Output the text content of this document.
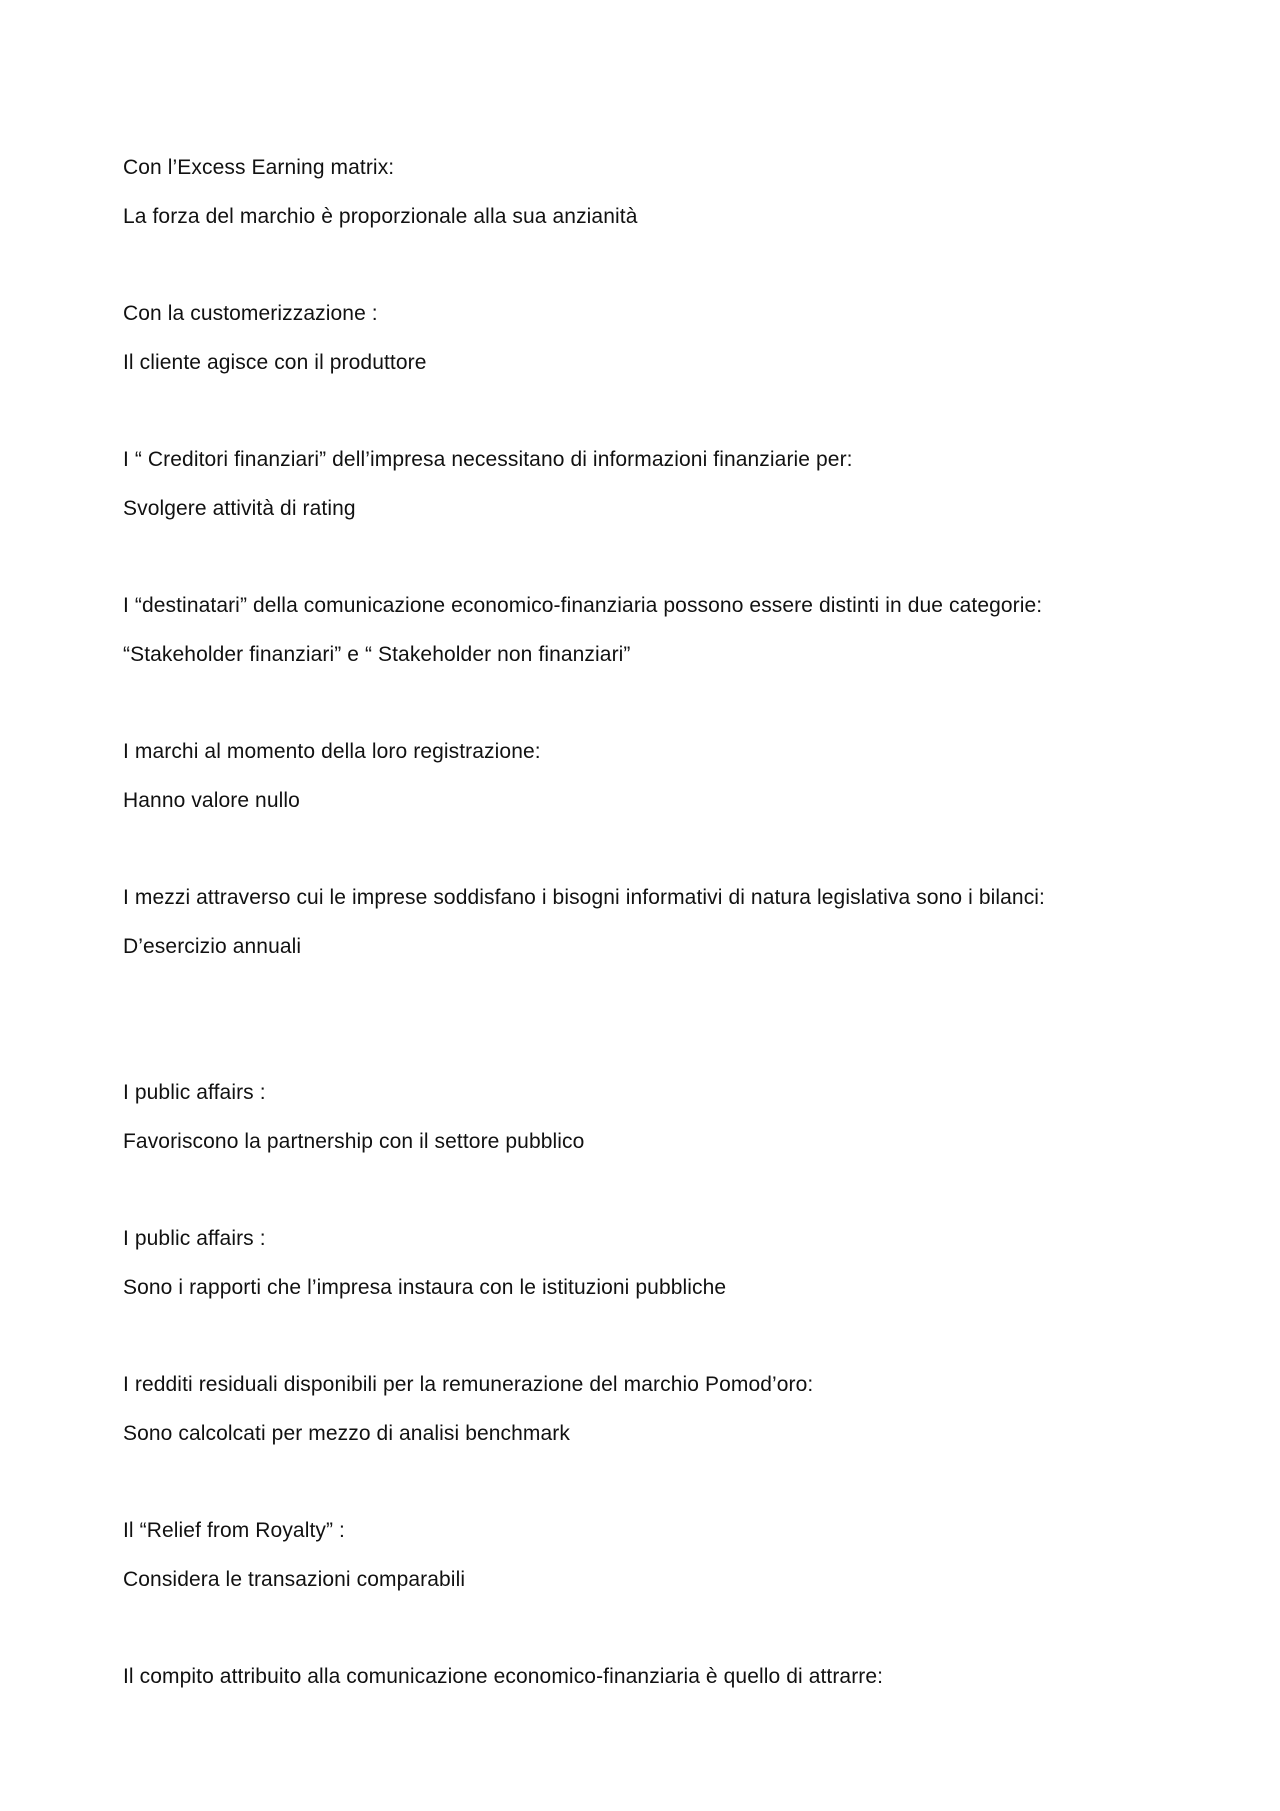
Con l’Excess Earning matrix:
La forza del marchio è proporzionale alla sua anzianità
Con la customerizzazione :
Il cliente agisce con il produttore
I “ Creditori finanziari” dell’impresa necessitano di informazioni finanziarie per:
Svolgere attività di rating
I “destinatari” della comunicazione economico-finanziaria possono essere distinti in due categorie:
“Stakeholder finanziari” e “ Stakeholder non finanziari”
I marchi al momento della loro registrazione:
Hanno valore nullo
I mezzi attraverso cui le imprese soddisfano i bisogni informativi di natura legislativa sono i bilanci:
D’esercizio annuali
I public affairs :
Favoriscono la partnership con il settore pubblico
I public affairs :
Sono i rapporti che l’impresa instaura con le istituzioni pubbliche
I redditi residuali disponibili per la remunerazione del marchio Pomod’oro:
Sono calcolcati per mezzo di analisi benchmark
Il “Relief from Royalty” :
Considera le transazioni comparabili
Il compito attribuito alla comunicazione economico-finanziaria è quello di attrarre:
